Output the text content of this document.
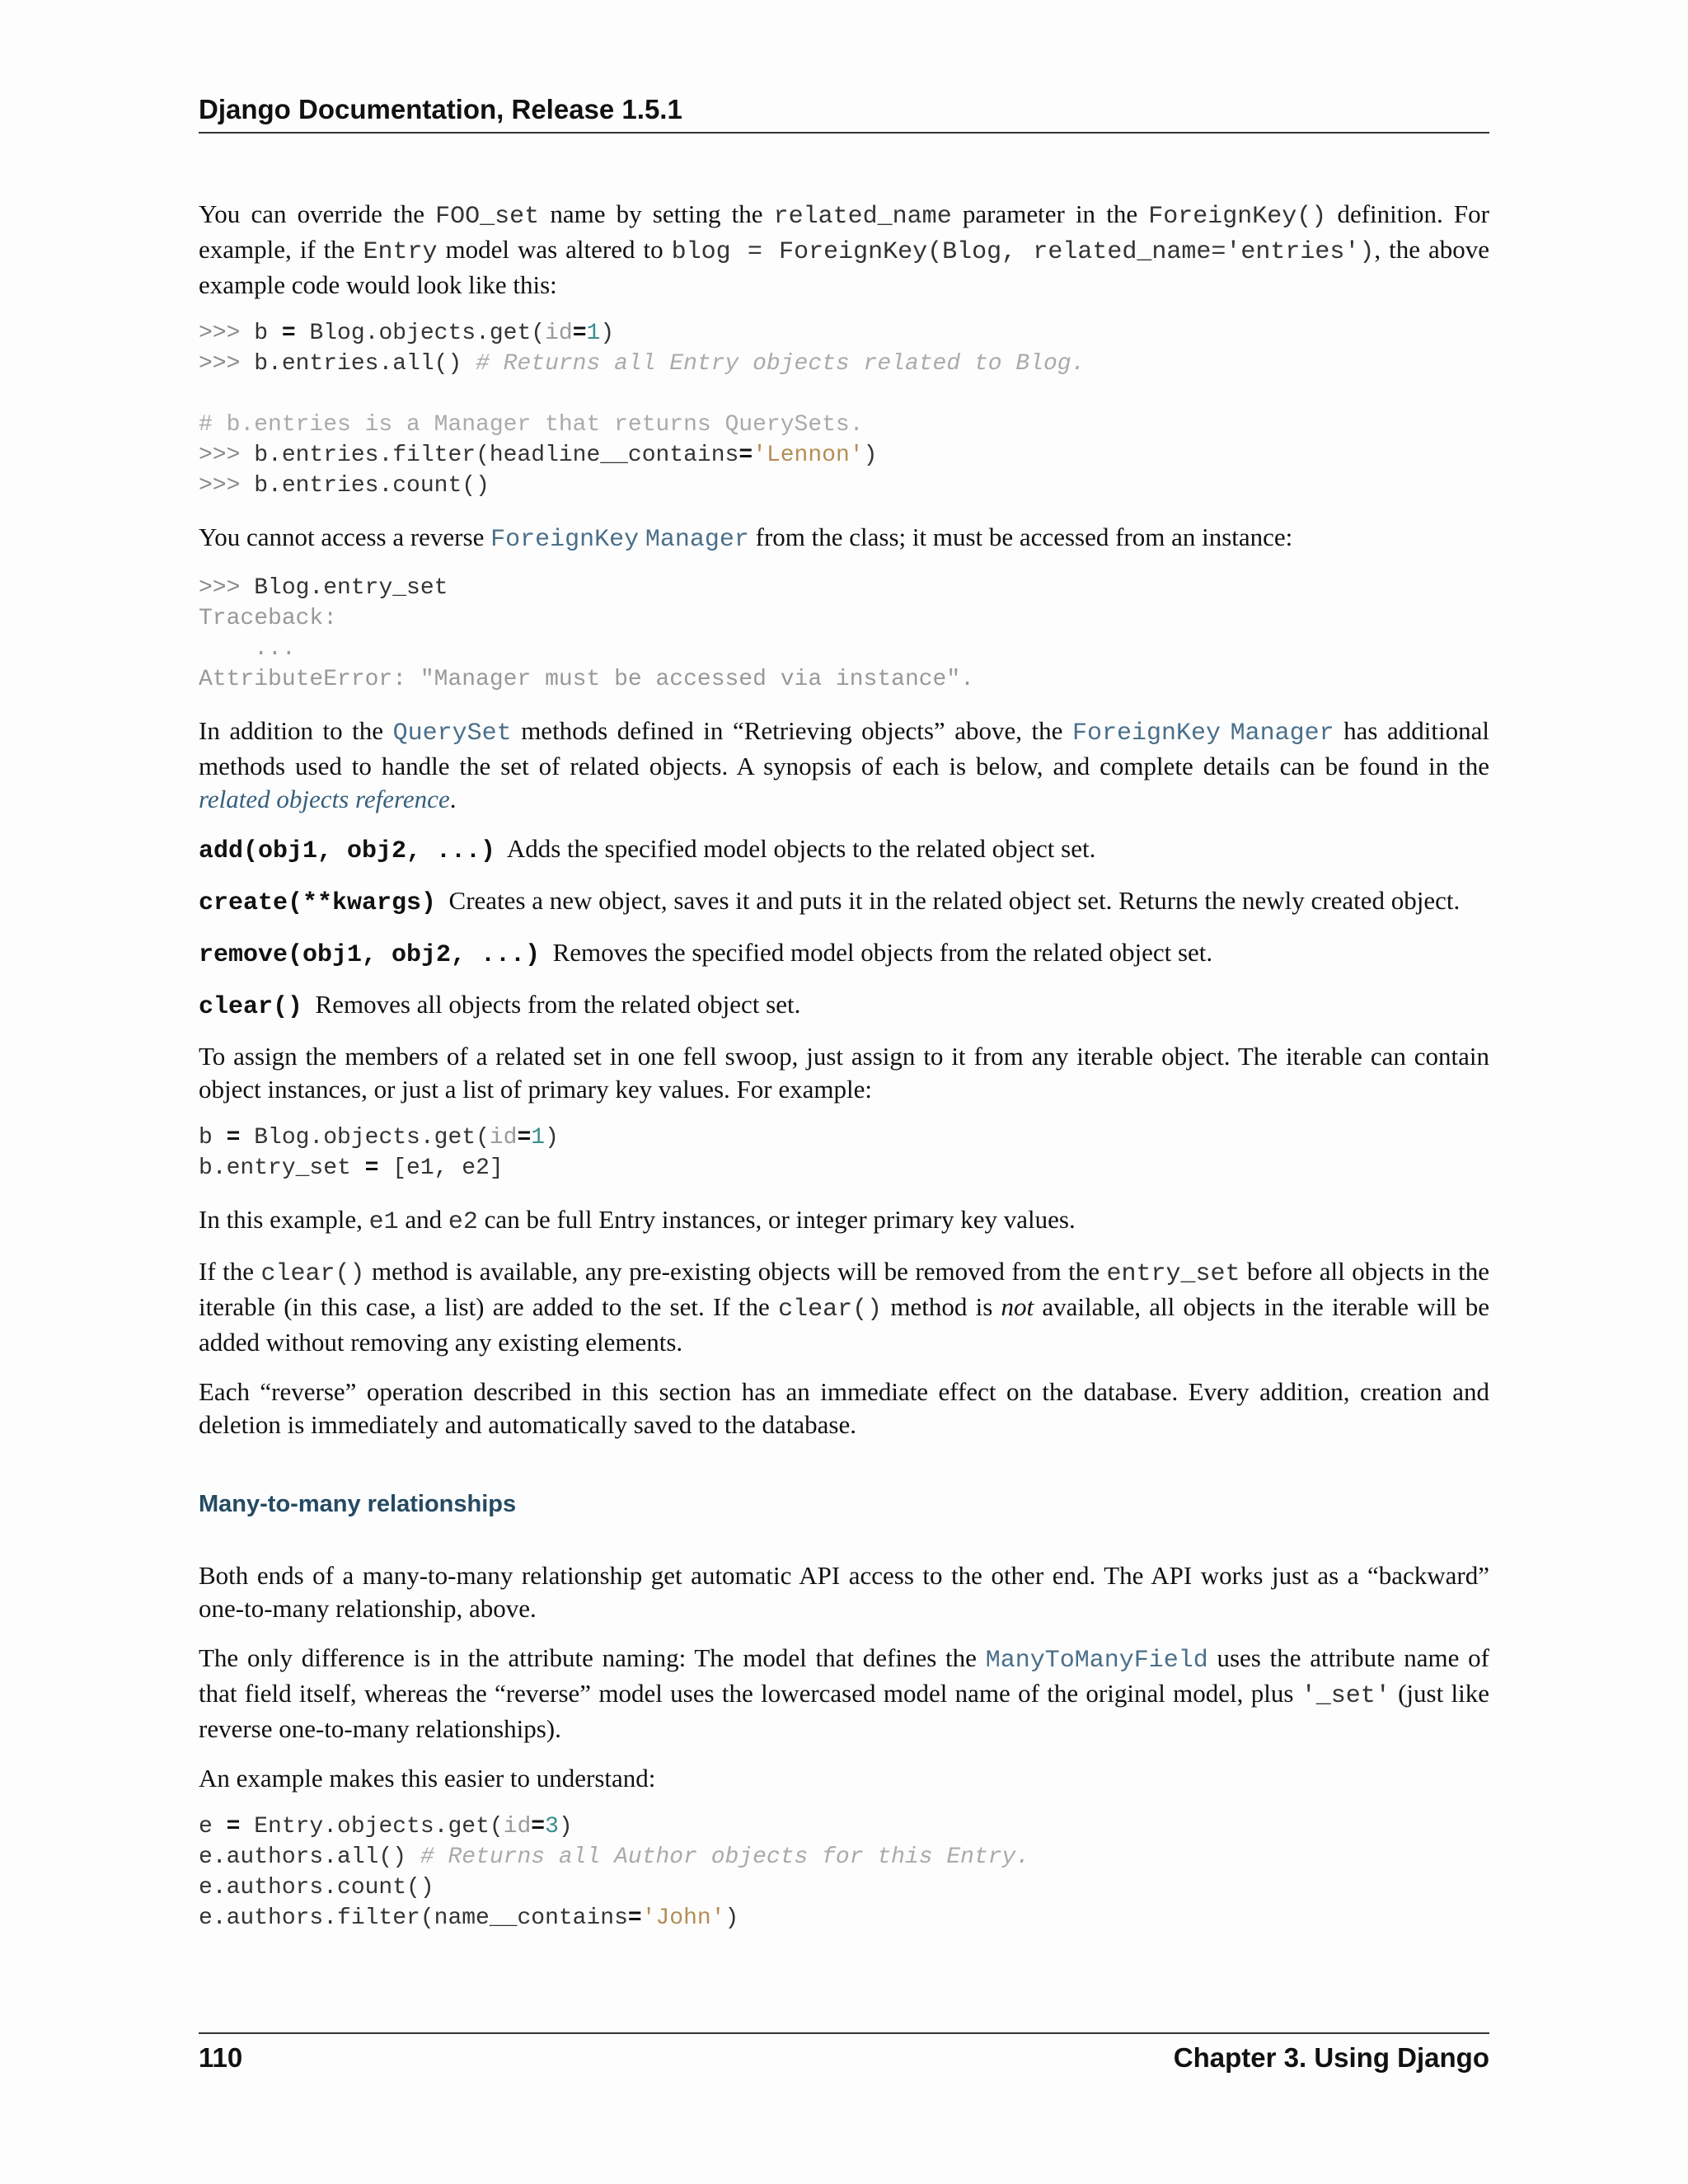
Django Documentation, Release 1.5.1

You can override the FOO_set name by setting the related_name parameter in the ForeignKey() definition. For example, if the Entry model was altered to blog = ForeignKey(Blog, related_name='entries'), the above example code would look like this:

>>> b = Blog.objects.get(id=1)
>>> b.entries.all() # Returns all Entry objects related to Blog.

# b.entries is a Manager that returns QuerySets.
>>> b.entries.filter(headline__contains='Lennon')
>>> b.entries.count()

You cannot access a reverse ForeignKey Manager from the class; it must be accessed from an instance:

>>> Blog.entry_set
Traceback:
...
AttributeError: "Manager must be accessed via instance".

In addition to the QuerySet methods defined in “Retrieving objects” above, the ForeignKey Manager has additional methods used to handle the set of related objects. A synopsis of each is below, and complete details can be found in the related objects reference.

add(obj1, obj2, ...) Adds the specified model objects to the related object set.
create(**kwargs) Creates a new object, saves it and puts it in the related object set. Returns the newly created object.
remove(obj1, obj2, ...) Removes the specified model objects from the related object set.
clear() Removes all objects from the related object set.

To assign the members of a related set in one fell swoop, just assign to it from any iterable object. The iterable can contain object instances, or just a list of primary key values. For example:

b = Blog.objects.get(id=1)
b.entry_set = [e1, e2]

In this example, e1 and e2 can be full Entry instances, or integer primary key values.

If the clear() method is available, any pre-existing objects will be removed from the entry_set before all objects in the iterable (in this case, a list) are added to the set. If the clear() method is not available, all objects in the iterable will be added without removing any existing elements.

Each “reverse” operation described in this section has an immediate effect on the database. Every addition, creation and deletion is immediately and automatically saved to the database.

Many-to-many relationships

Both ends of a many-to-many relationship get automatic API access to the other end. The API works just as a “backward” one-to-many relationship, above.

The only difference is in the attribute naming: The model that defines the ManyToManyField uses the attribute name of that field itself, whereas the “reverse” model uses the lowercased model name of the original model, plus '_set' (just like reverse one-to-many relationships).

An example makes this easier to understand:

e = Entry.objects.get(id=3)
e.authors.all() # Returns all Author objects for this Entry.
e.authors.count()
e.authors.filter(name__contains='John')
110	Chapter 3. Using Django
